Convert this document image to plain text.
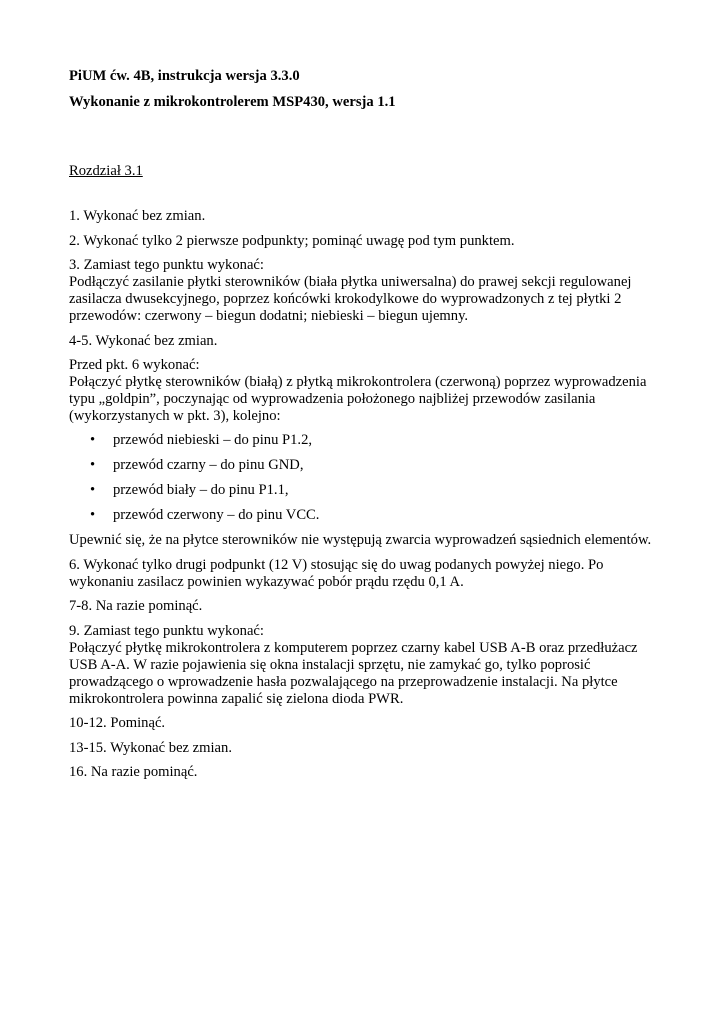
PiUM ćw. 4B, instrukcja wersja 3.3.0
Wykonanie z mikrokontrolerem MSP430, wersja 1.1
Rozdział 3.1

1. Wykonać bez zmian.

2. Wykonać tylko 2 pierwsze podpunkty; pominąć uwagę pod tym punktem.

3. Zamiast tego punktu wykonać:

Podłączyć zasilanie płytki sterowników (biała płytka uniwersalna) do prawej sekcji regulowanej

zasilacza dwusekcyjnego, poprzez końcówki krokodylkowe do wyprowadzonych z tej płytki 2

przewodów: czerwony – biegun dodatni; niebieski – biegun ujemny.

4-5. Wykonać bez zmian.

Przed pkt. 6 wykonać:

Połączyć płytkę sterowników (białą) z płytką mikrokontrolera (czerwoną) poprzez wyprowadzenia

typu „goldpin”, poczynając od wyprowadzenia położonego najbliżej przewodów zasilania

(wykorzystanych w pkt. 3), kolejno:

• przewód niebieski – do pinu P1.2,
• przewód czarny – do pinu GND,
• przewód biały – do pinu P1.1,
• przewód czerwony – do pinu VCC.

Upewnić się, że na płytce sterowników nie występują zwarcia wyprowadzeń sąsiednich elementów.

6. Wykonać tylko drugi podpunkt (12 V) stosując się do uwag podanych powyżej niego. Po

wykonaniu zasilacz powinien wykazywać pobór prądu rzędu 0,1 A.

7-8. Na razie pominąć.

9. Zamiast tego punktu wykonać:

Połączyć płytkę mikrokontrolera z komputerem poprzez czarny kabel USB A-B oraz przedłużacz

USB A-A. W razie pojawienia się okna instalacji sprzętu, nie zamykać go, tylko poprosić

prowadzącego o wprowadzenie hasła pozwalającego na przeprowadzenie instalacji. Na płytce

mikrokontrolera powinna zapalić się zielona dioda PWR.

10-12. Pominąć.

13-15. Wykonać bez zmian.

16. Na razie pominąć.
